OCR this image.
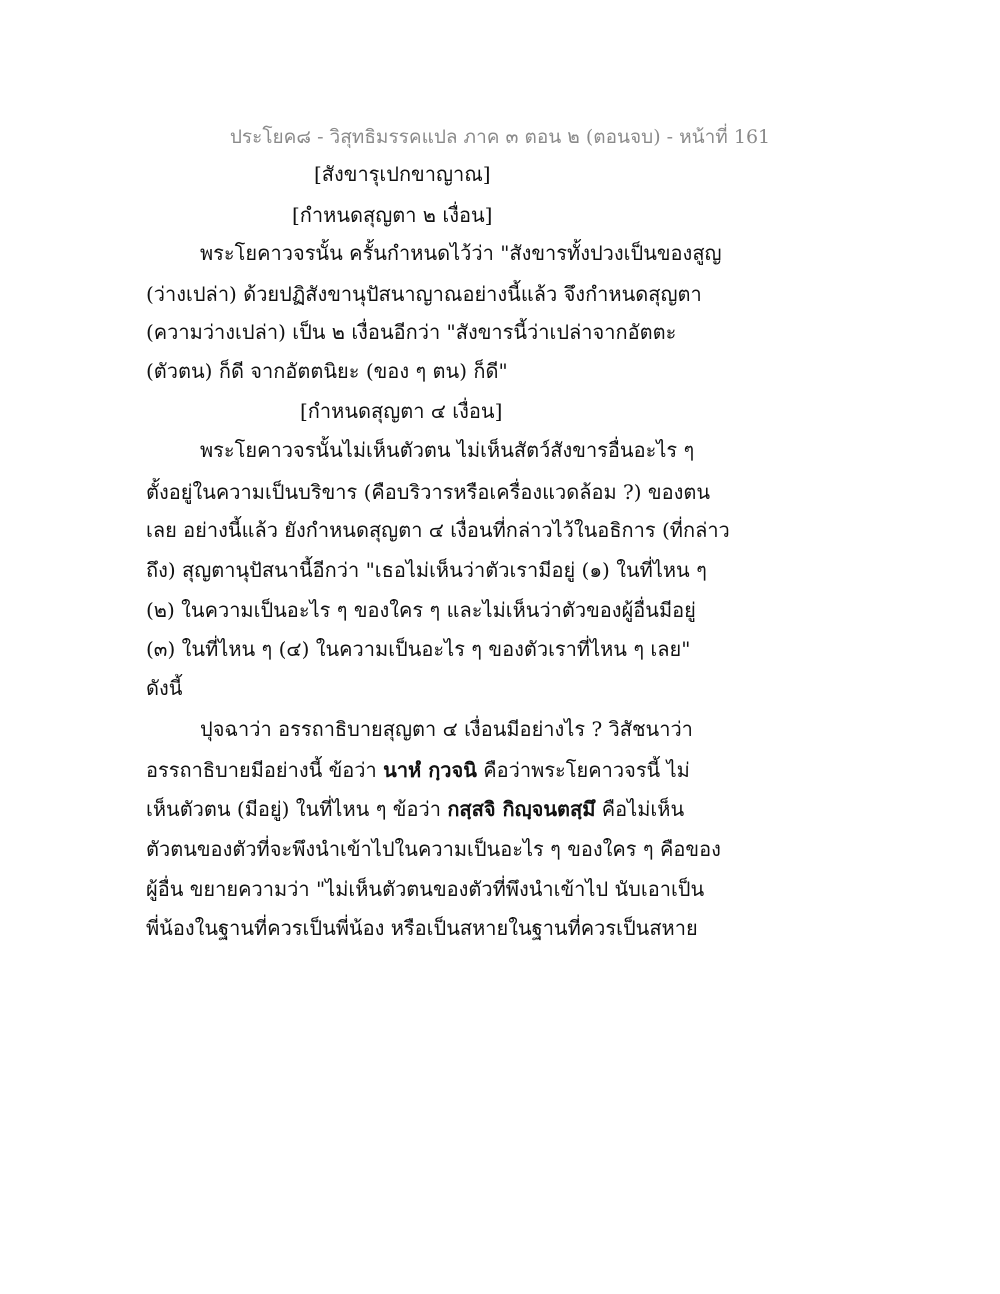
ประโยค๘ - วิสุทธิมรรคแปล ภาค ๓ ตอน ๒ (ตอนจบ) - หน้าที่ 161
[สังขารุเปกขาญาณ]
[กำหนดสุญตา ๒ เงื่อน]
พระโยคาวจรนั้น ครั้นกำหนดไว้ว่า "สังขารทั้งปวงเป็นของสูญ
(ว่างเปล่า) ด้วยปฏิสังขานุปัสนาญาณอย่างนี้แล้ว จึงกำหนดสุญตา
(ความว่างเปล่า) เป็น ๒ เงื่อนอีกว่า "สังขารนี้ว่าเปล่าจากอัตตะ
(ตัวตน) ก็ดี จากอัตตนิยะ (ของ ๆ ตน) ก็ดี"
[กำหนดสุญตา ๔ เงื่อน]
พระโยคาวจรนั้นไม่เห็นตัวตน ไม่เห็นสัตว์สังขารอื่นอะไร ๆ
ตั้งอยู่ในความเป็นบริขาร (คือบริวารหรือเครื่องแวดล้อม ?) ของตน
เลย อย่างนี้แล้ว ยังกำหนดสุญตา ๔ เงื่อนที่กล่าวไว้ในอธิการ (ที่กล่าว
ถึง) สุญตานุปัสนานี้อีกว่า "เธอไม่เห็นว่าตัวเรามีอยู่ (๑) ในที่ไหน ๆ
(๒) ในความเป็นอะไร ๆ ของใคร ๆ และไม่เห็นว่าตัวของผู้อื่นมีอยู่
(๓) ในที่ไหน ๆ (๔) ในความเป็นอะไร ๆ ของตัวเราที่ไหน ๆ เลย"
ดังนี้
ปุจฉาว่า อรรถาธิบายสุญตา ๔ เงื่อนมีอย่างไร ? วิสัชนาว่า
อรรถาธิบายมีอย่างนี้ ข้อว่า นาหํ กฺวจนิ คือว่าพระโยคาวจรนี้ ไม่
เห็นตัวตน (มีอยู่) ในที่ไหน ๆ ข้อว่า กสฺสจิ กิญฺจนตสฺมึ คือไม่เห็น
ตัวตนของตัวที่จะพึงนำเข้าไปในความเป็นอะไร ๆ ของใคร ๆ คือของ
ผู้อื่น ขยายความว่า "ไม่เห็นตัวตนของตัวที่พึงนำเข้าไป นับเอาเป็น
พี่น้องในฐานที่ควรเป็นพี่น้อง หรือเป็นสหายในฐานที่ควรเป็นสหาย
